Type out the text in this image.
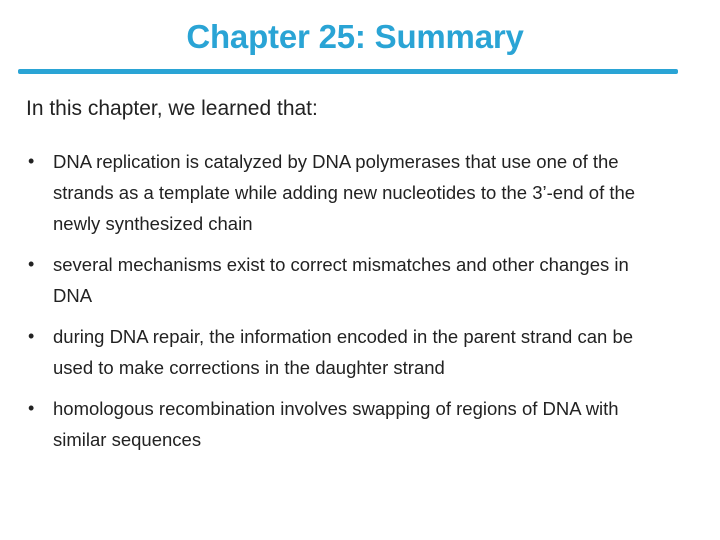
Chapter 25: Summary
In this chapter, we learned that:
• DNA replication is catalyzed by DNA polymerases that use one of the strands as a template while adding new nucleotides to the 3’-end of the newly synthesized chain
• several mechanisms exist to correct mismatches and other changes in DNA
• during DNA repair, the information encoded in the parent strand can be used to make corrections in the daughter strand
• homologous recombination involves swapping of regions of DNA with similar sequences
